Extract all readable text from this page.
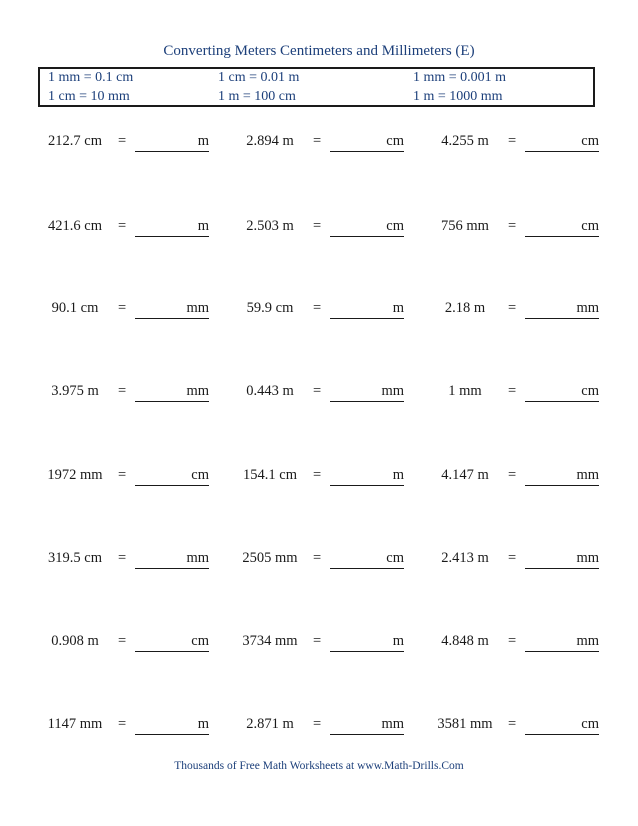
Converting Meters Centimeters and Millimeters (E)
1 mm = 0.1 cm	1 cm = 0.01 m	1 mm = 0.001 m
1 cm = 10 mm	1 m = 100 cm	1 m = 1000 mm
212.7 cm	=	m	2.894 m	=	cm	4.255 m	=	cm
421.6 cm	=	m	2.503 m	=	cm	756 mm	=	cm
90.1 cm	=	mm	59.9 cm	=	m	2.18 m	=	mm
3.975 m	=	mm	0.443 m	=	mm	1 mm	=	cm
1972 mm	=	cm	154.1 cm	=	m	4.147 m	=	mm
319.5 cm	=	mm	2505 mm	=	cm	2.413 m	=	mm
0.908 m	=	cm	3734 mm	=	m	4.848 m	=	mm
1147 mm	=	m	2.871 m	=	mm	3581 mm	=	cm
Thousands of Free Math Worksheets at www.Math-Drills.Com
